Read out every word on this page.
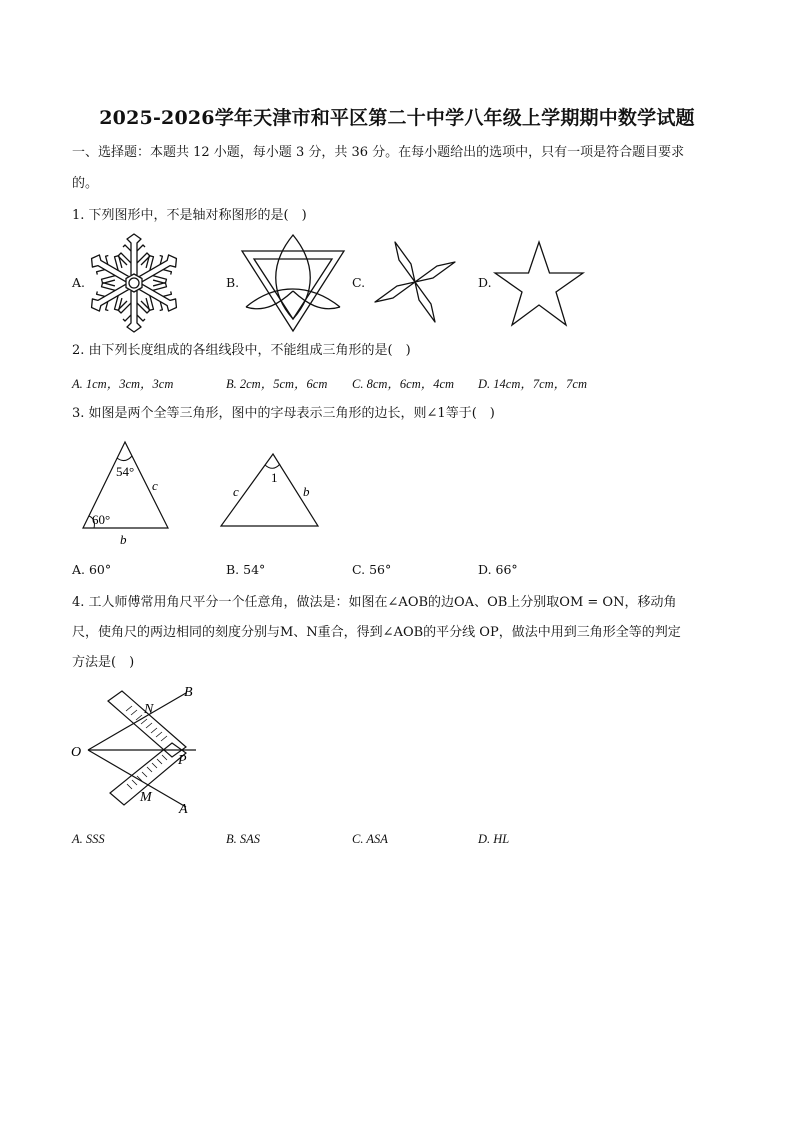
2025-2026学年天津市和平区第二十中学八年级上学期期中数学试题
一、选择题：本题共 12 小题，每小题 3 分，共 36 分。在每小题给出的选项中，只有一项是符合题目要求
的。
1. 下列图形中，不是轴对称图形的是(　)
A.	B.	C.	D.
2. 由下列长度组成的各组线段中，不能组成三角形的是(　)
A. 1cm，3cm，3cm	B. 2cm，5cm，6cm C. 8cm，6cm，4cm D. 14cm，7cm，7cm
3. 如图是两个全等三角形，图中的字母表示三角形的边长，则∠1等于(　)
54°
60°
c
b
1
c	b
A. 60°	B. 54°	C. 56°	D. 66°
4. 工人师傅常用角尺平分一个任意角，做法是：如图在∠AOB的边OA、OB上分别取OM = ON，移动角
尺，使角尺的两边相同的刻度分别与M、N重合，得到∠AOB的平分线 OP，做法中用到三角形全等的判定
方法是(　)
O
P
N
M
B
A
A. SSS	B. SAS	C. ASA	D. HL
